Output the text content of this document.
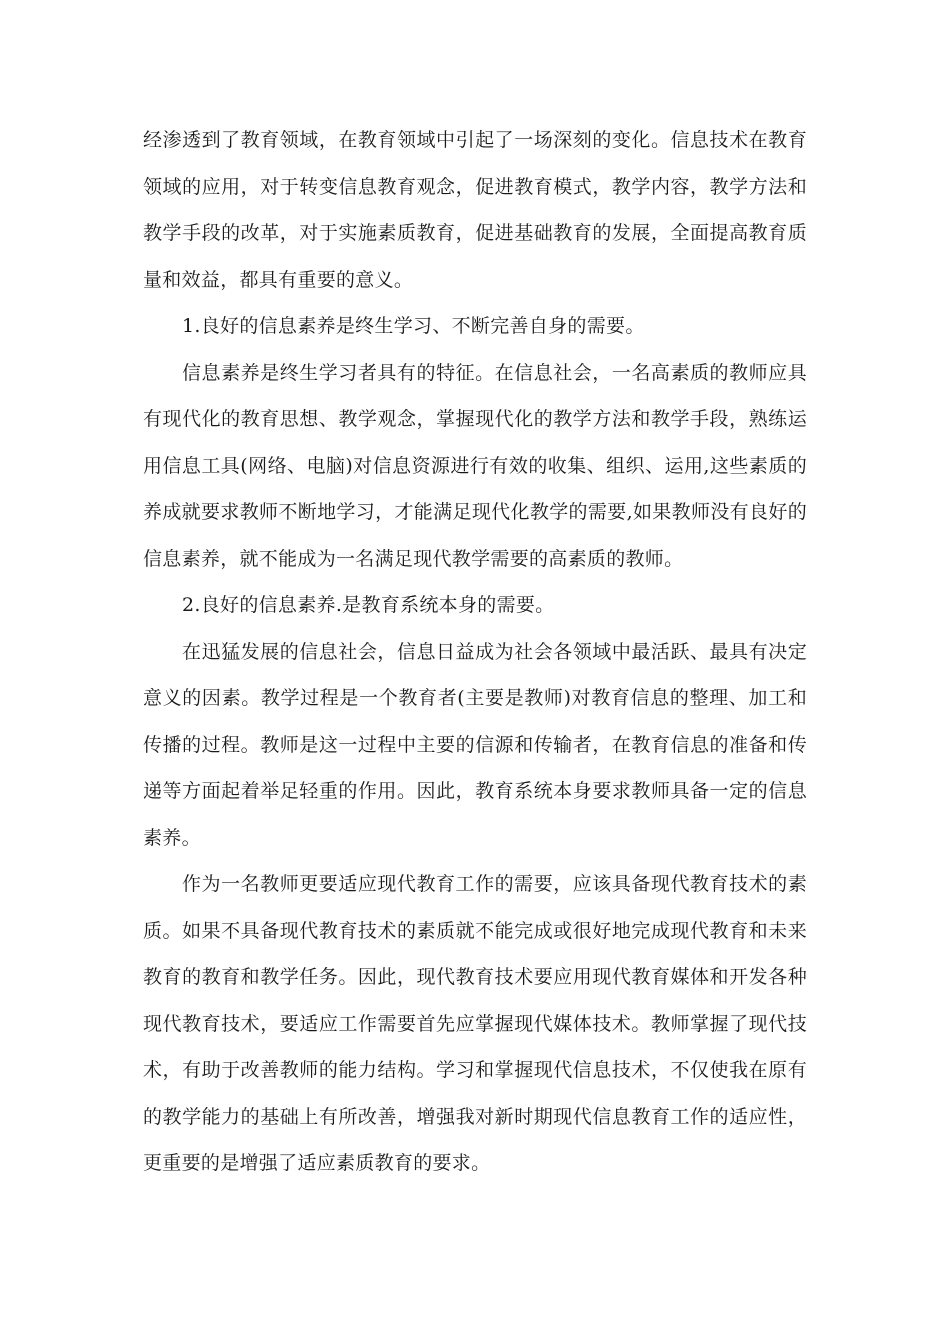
经渗透到了教育领域，在教育领域中引起了一场深刻的变化。信息技术在教育领域的应用，对于转变信息教育观念，促进教育模式，教学内容，教学方法和教学手段的改革，对于实施素质教育，促进基础教育的发展，全面提高教育质量和效益，都具有重要的意义。

1.良好的信息素养是终生学习、不断完善自身的需要。

信息素养是终生学习者具有的特征。在信息社会，一名高素质的教师应具有现代化的教育思想、教学观念，掌握现代化的教学方法和教学手段，熟练运用信息工具(网络、电脑)对信息资源进行有效的收集、组织、运用,这些素质的养成就要求教师不断地学习，才能满足现代化教学的需要,如果教师没有良好的信息素养，就不能成为一名满足现代教学需要的高素质的教师。

2.良好的信息素养.是教育系统本身的需要。

在迅猛发展的信息社会，信息日益成为社会各领域中最活跃、最具有决定意义的因素。教学过程是一个教育者(主要是教师)对教育信息的整理、加工和传播的过程。教师是这一过程中主要的信源和传输者，在教育信息的准备和传递等方面起着举足轻重的作用。因此，教育系统本身要求教师具备一定的信息素养。

作为一名教师更要适应现代教育工作的需要，应该具备现代教育技术的素质。如果不具备现代教育技术的素质就不能完成或很好地完成现代教育和未来教育的教育和教学任务。因此，现代教育技术要应用现代教育媒体和开发各种现代教育技术，要适应工作需要首先应掌握现代媒体技术。教师掌握了现代技术，有助于改善教师的能力结构。学习和掌握现代信息技术，不仅使我在原有的教学能力的基础上有所改善，增强我对新时期现代信息教育工作的适应性，更重要的是增强了适应素质教育的要求。
